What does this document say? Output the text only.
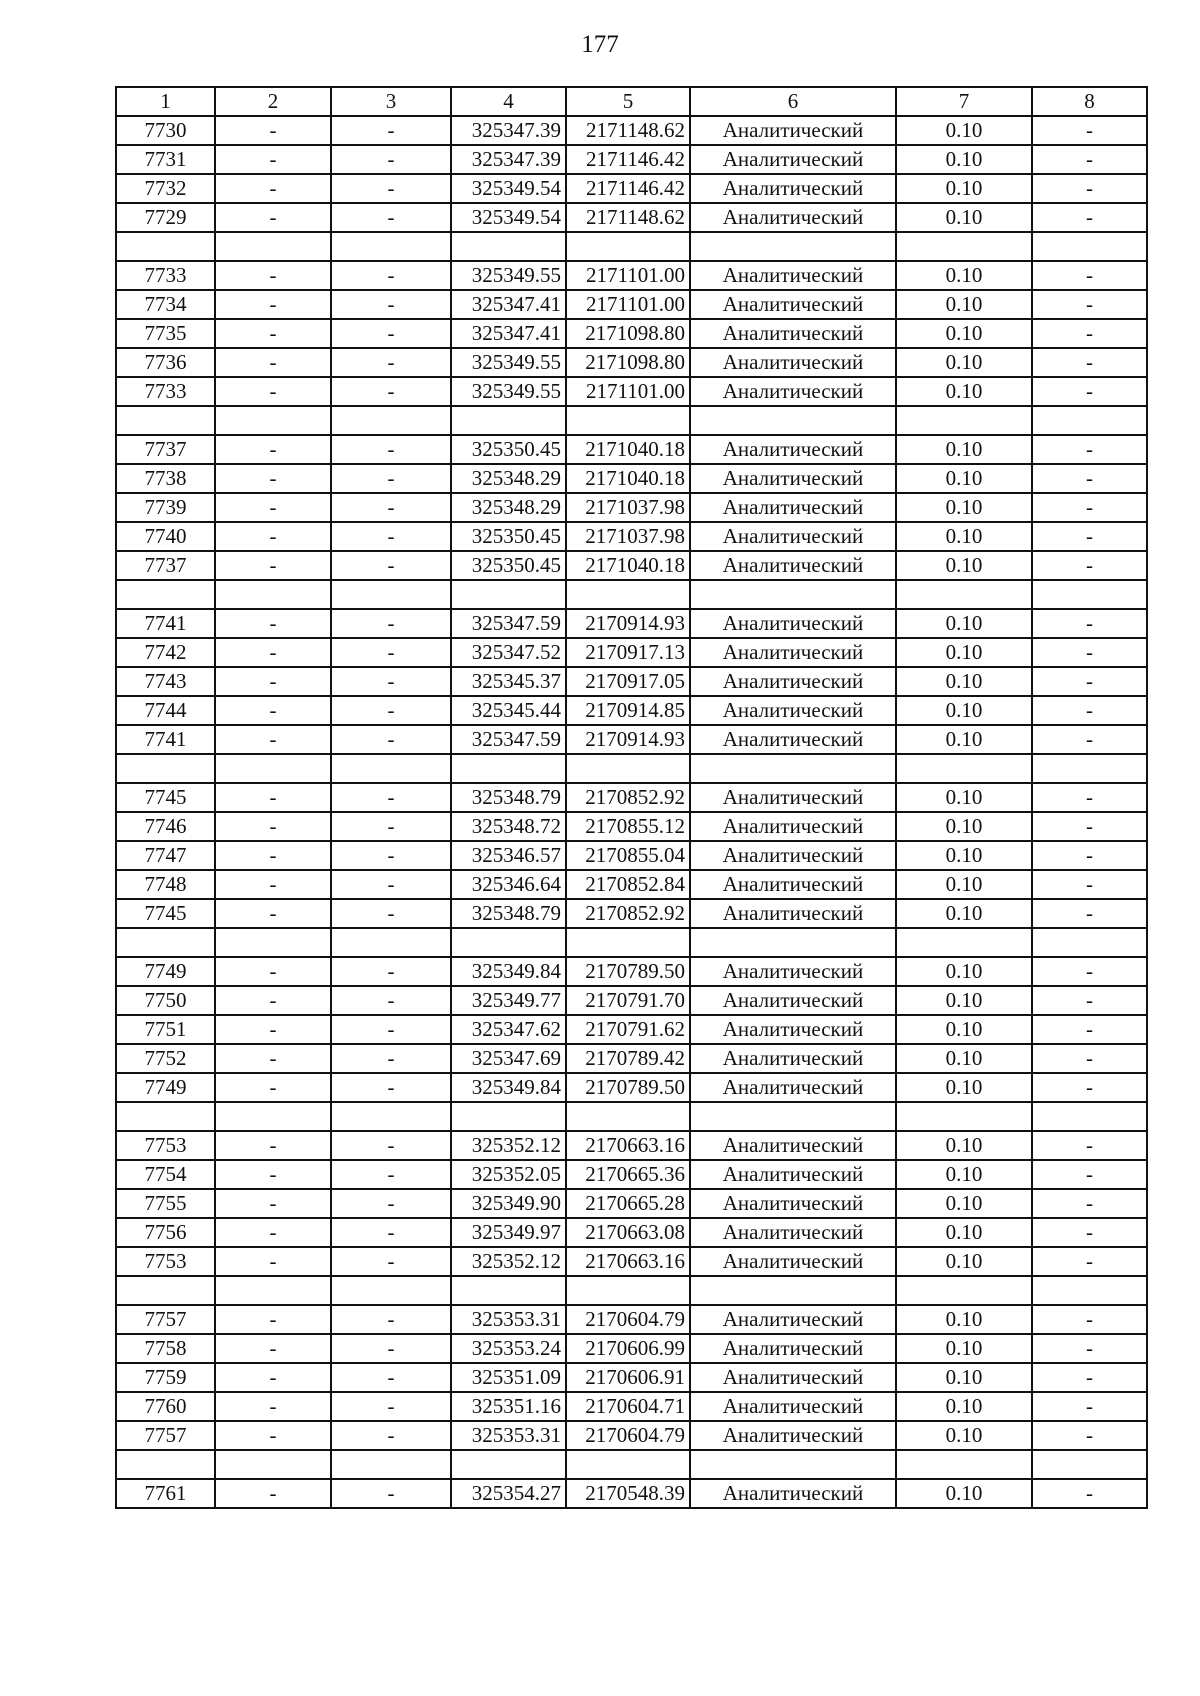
177
1	2	3	4	5	6	7	8
7730	-	-	325347.39	2171148.62	Аналитический	0.10	-
7731	-	-	325347.39	2171146.42	Аналитический	0.10	-
7732	-	-	325349.54	2171146.42	Аналитический	0.10	-
7729	-	-	325349.54	2171148.62	Аналитический	0.10	-

7733	-	-	325349.55	2171101.00	Аналитический	0.10	-
7734	-	-	325347.41	2171101.00	Аналитический	0.10	-
7735	-	-	325347.41	2171098.80	Аналитический	0.10	-
7736	-	-	325349.55	2171098.80	Аналитический	0.10	-
7733	-	-	325349.55	2171101.00	Аналитический	0.10	-

7737	-	-	325350.45	2171040.18	Аналитический	0.10	-
7738	-	-	325348.29	2171040.18	Аналитический	0.10	-
7739	-	-	325348.29	2171037.98	Аналитический	0.10	-
7740	-	-	325350.45	2171037.98	Аналитический	0.10	-
7737	-	-	325350.45	2171040.18	Аналитический	0.10	-

7741	-	-	325347.59	2170914.93	Аналитический	0.10	-
7742	-	-	325347.52	2170917.13	Аналитический	0.10	-
7743	-	-	325345.37	2170917.05	Аналитический	0.10	-
7744	-	-	325345.44	2170914.85	Аналитический	0.10	-
7741	-	-	325347.59	2170914.93	Аналитический	0.10	-

7745	-	-	325348.79	2170852.92	Аналитический	0.10	-
7746	-	-	325348.72	2170855.12	Аналитический	0.10	-
7747	-	-	325346.57	2170855.04	Аналитический	0.10	-
7748	-	-	325346.64	2170852.84	Аналитический	0.10	-
7745	-	-	325348.79	2170852.92	Аналитический	0.10	-

7749	-	-	325349.84	2170789.50	Аналитический	0.10	-
7750	-	-	325349.77	2170791.70	Аналитический	0.10	-
7751	-	-	325347.62	2170791.62	Аналитический	0.10	-
7752	-	-	325347.69	2170789.42	Аналитический	0.10	-
7749	-	-	325349.84	2170789.50	Аналитический	0.10	-

7753	-	-	325352.12	2170663.16	Аналитический	0.10	-
7754	-	-	325352.05	2170665.36	Аналитический	0.10	-
7755	-	-	325349.90	2170665.28	Аналитический	0.10	-
7756	-	-	325349.97	2170663.08	Аналитический	0.10	-
7753	-	-	325352.12	2170663.16	Аналитический	0.10	-

7757	-	-	325353.31	2170604.79	Аналитический	0.10	-
7758	-	-	325353.24	2170606.99	Аналитический	0.10	-
7759	-	-	325351.09	2170606.91	Аналитический	0.10	-
7760	-	-	325351.16	2170604.71	Аналитический	0.10	-
7757	-	-	325353.31	2170604.79	Аналитический	0.10	-

7761	-	-	325354.27	2170548.39	Аналитический	0.10	-
